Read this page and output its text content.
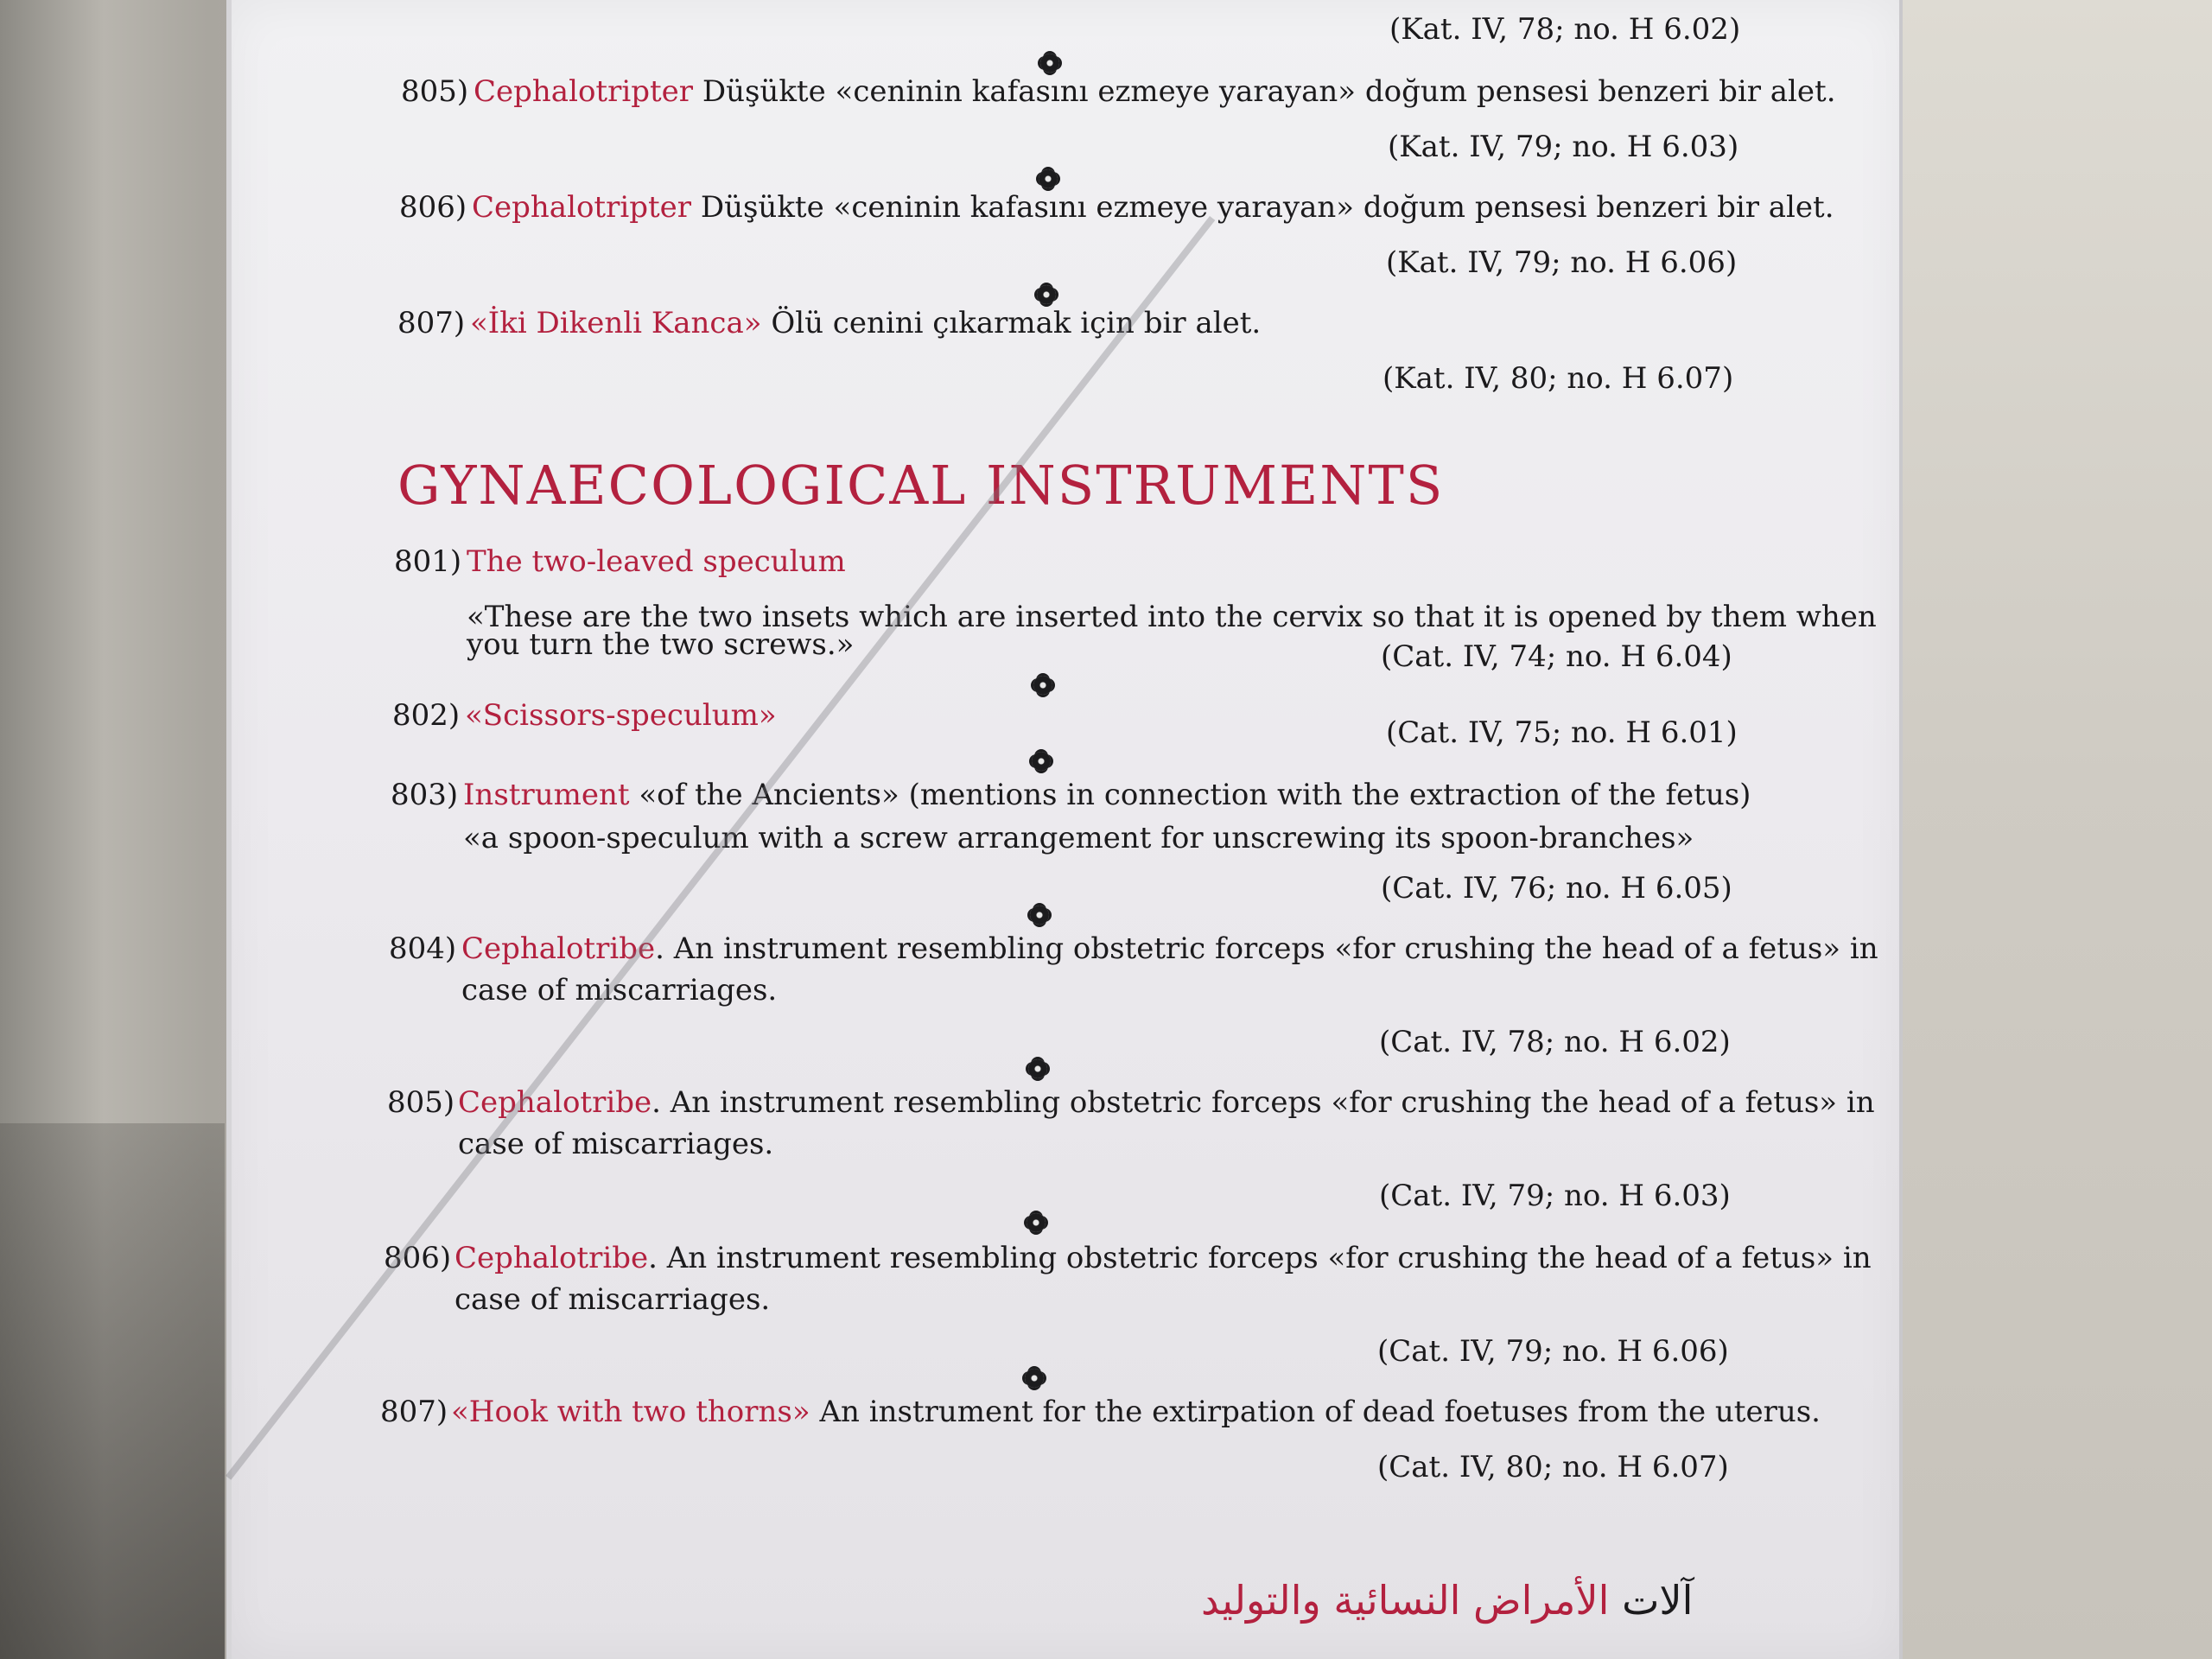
(Kat. IV, 78; no. H 6.02)
805) Cephalotripter Düşükte «ceninin kafasını ezmeye yarayan» doğum pensesi benzeri bir alet.
(Kat. IV, 79; no. H 6.03)
806) Cephalotripter Düşükte «ceninin kafasını ezmeye yarayan» doğum pensesi benzeri bir alet.
(Kat. IV, 79; no. H 6.06)
807) «İki Dikenli Kanca» Ölü cenini çıkarmak için bir alet.
(Kat. IV, 80; no. H 6.07)
GYNAECOLOGICAL INSTRUMENTS
801) The two-leaved speculum
«These are the two insets which are inserted into the cervix so that it is opened by them when
you turn the two screws.»	(Cat. IV, 74; no. H 6.04)
802) «Scissors-speculum»	(Cat. IV, 75; no. H 6.01)
803) Instrument «of the Ancients» (mentions in connection with the extraction of the fetus)
«a spoon-speculum with a screw arrangement for unscrewing its spoon-branches»
(Cat. IV, 76; no. H 6.05)
804) Cephalotribe. An instrument resembling obstetric forceps «for crushing the head of a fetus» in
case of miscarriages.
(Cat. IV, 78; no. H 6.02)
805) Cephalotribe. An instrument resembling obstetric forceps «for crushing the head of a fetus» in
case of miscarriages.
(Cat. IV, 79; no. H 6.03)
806) Cephalotribe. An instrument resembling obstetric forceps «for crushing the head of a fetus» in
case of miscarriages.
(Cat. IV, 79; no. H 6.06)
807) «Hook with two thorns» An instrument for the extirpation of dead foetuses from the uterus.
(Cat. IV, 80; no. H 6.07)
آلات الأمراض النسائية والتوليد
